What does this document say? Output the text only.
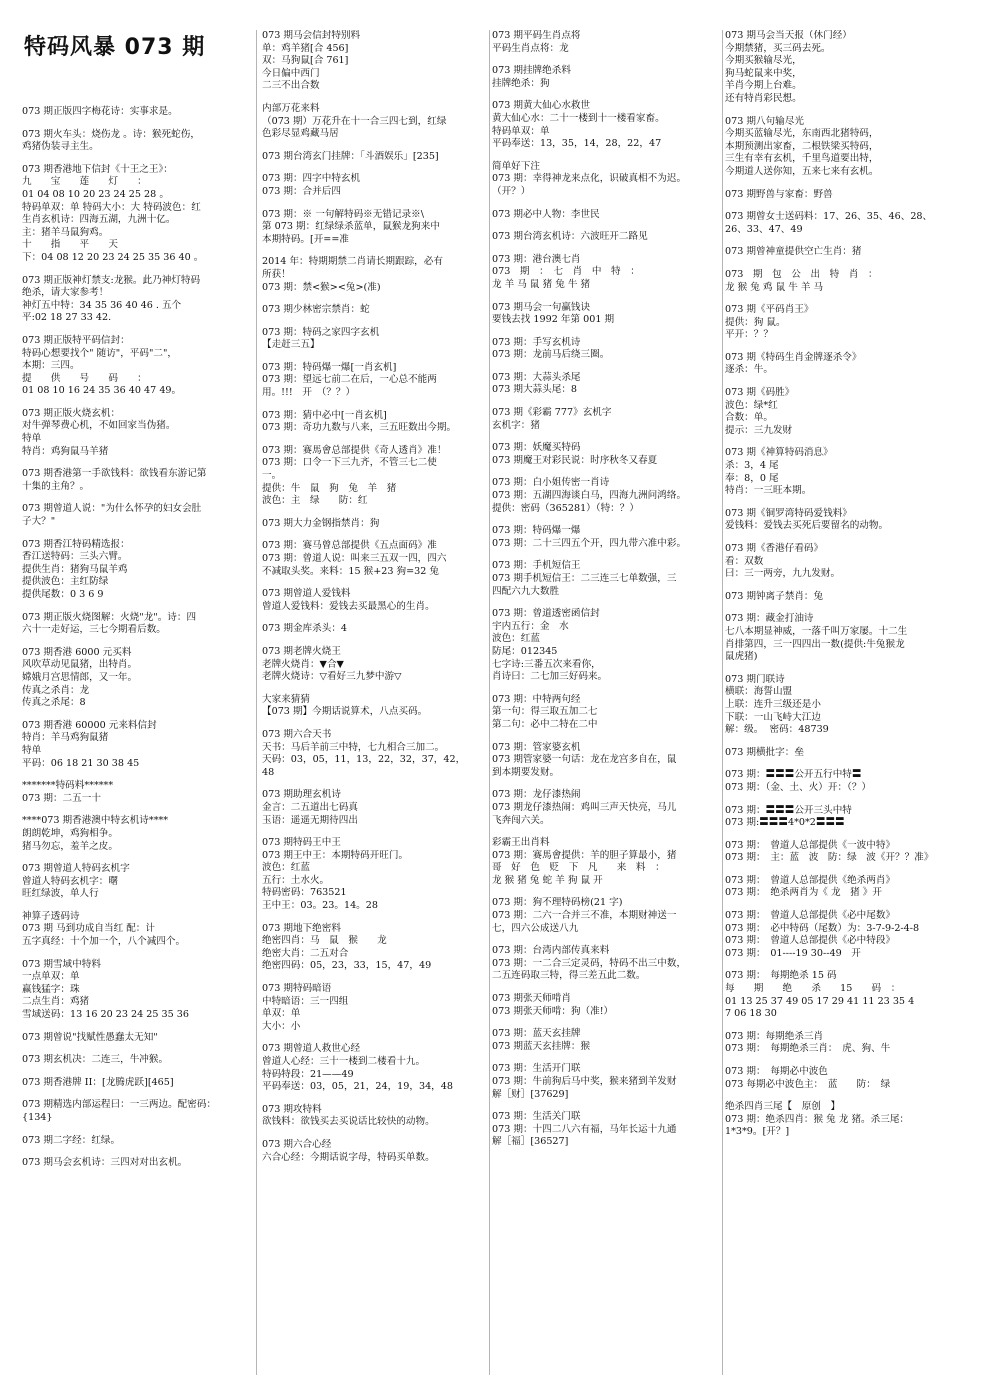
特码风暴 073 期
073 期正版四字梅花诗：实事求是。
073 期火车头：烧伤龙 。诗：猴死蛇伤，
鸡猪伪装寻主生。
073 期香港地下信封《十王之王》：
九　　宝　　莲　　灯　　：
01 04 08 10 20 23 24 25 28 。
特码单双：单 特码大小：大 特码波色：红
生肖玄机诗：四海五湖，九洲十亿。
主：猪羊马鼠狗鸡。
十　　指　　平　　天
下：04 08 12 20 23 24 25 35 36 40 。
073 期正版神灯禁支:龙猴。此乃神灯特码
绝杀，请大家参考！
神灯五中特：34 35 36 40 46 . 五个
平:02 18 27 33 42.
073 期正版特平码信封：
特码心想要找个" 随访"，平码"二"，
本期：三四。
提　　供　　号　　码　　：
01 08 10 16 24 35 36 40 47 49。
073 期正版火烧玄机：
对牛弹琴费心机，不如回家当伪猪。
特单
特肖：鸡狗鼠马羊猪
073 期香港第一手欲钱料：欲钱看东游记第
十集的主角？。
073 期曾道人说："为什么怀孕的妇女会肚
子大？"
073 期香江特码精选报：
香江送特码：三头六臂。
提供生肖：猪狗马鼠羊鸡
提供波色：主红防绿
提供尾数：0 3 6 9
073 期正版火烧图解：火烧"龙"。诗：四
六十一走好运，三七今期看后数。
073 期香港 6000 元买料
风吹草动见鼠猪，出特肖。
嫦娥月宫思情郎，又一年。
传真之杀肖：龙
传真之杀尾：8
073 期香港 60000 元来料信封
特肖：羊马鸡狗鼠猪
特单
平码：06 18 21 30 38 45
*******特码料******
073 期：二五一十
****073 期香港澳中特玄机诗****
朗朗乾坤，鸡狗相争。
猪马勿忘，羞羊之皮。
073 期曾道人特码玄机字
曾道人特码玄机字：曙
旺红绿波，单人行
神算子透码诗
073 期 马到功成自当红 配：计
五字真经：十个加一个，八个减四个。
073 期雪域中特料
一点单双：单
赢钱猛字：珠
二点生肖：鸡猪
雪域送码：13 16 20 23 24 25 35 36
073 期曾说"找赋性愚蠢太无知"
073 期玄机决：二连三，牛冲猴。
073 期香港牌 II：[龙腾虎跃][465]
073 期精选内部运程曰：一三两边。配密码：
{134}
073 期二字经：红绿。
073 期马会玄机诗：三四对对出玄机。
073 期马会信封特别料
单：鸡羊猪[合 456]
双：马狗鼠[合 761]
今日偏中西门
二三不出合数
内部万花来料
（073 期）万花升在十一合三四七到，红绿
色彩尽显鸡藏马居
073 期台湾玄门挂牌：「斗酒娱乐」[235]
073 期：四字中特玄机
073 期：合并后四
073 期：※ 一句解特码※无错记录※\
第 073 期：红绿绿杀蓝单，鼠猴龙狗来中
本期特码。[开==准
2014 年：特期期禁二肖请长期跟踪，必有
所获！
073 期：禁<猴><兔>(准)
073 期少林密宗禁肖：蛇
073 期：特码之家四字玄机
【走赶三五】
073 期：特码爆一爆[一肖玄机]
073 期：望远七前二在后，一心总不能两
用。!!!　开　（？？）
073 期：猜中必中[一肖玄机]
073 期：奇功九数与八来，三五旺数出今期。
073 期：赛馬會总部提供《奇人透肖》准！
073 期：口令一下三九齐，不管三七二使
一。
提供：牛　鼠　狗　兔　羊　猪
波色：主　绿　　防：红
073 期大力金钢指禁肖：狗
073 期：赛马曾总部提供《五点面码》准
073 期：曾道人说：叫来三五双一四，四六
不减取头奖。来料：15 猴+23 狗=32 兔
073 期曾道人爱钱料
曾道人爱钱料：爱钱去买最黑心的生肖。
073 期金库杀头：4
073 期老牌火烧王
老牌火烧肖：▼合▼
老牌火烧诗：▽看好三九梦中游▽
大家来猜猜
【073 期】今期话说算术，八点买码。
073 期六合天书
天书：马后羊前三中特，七九相合三加二。
天码：03，05，11，13，22，32，37，42，
48
073 期助理玄机诗
金言：二五道出七码真
玉语：遥遥无期待四出
073 期特码王中王
073 期王中王：本期特码开旺门。
波色：红蓝
五行：土水火。
特码密码：763521
王中王：03。23。14。28
073 期地下绝密料
绝密四肖：马　鼠　猴　　龙
绝密大肖：二五对合
绝密四码：05，23，33，15，47，49
073 期特码暗语
中特暗语：三一四组
单双：单
大小：小
073 期曾道人救世心经
曾道人心经：三十一楼到二楼看十九。
特码特段：21——49
平码奉送：03，05，21，24，19，34，48
073 期攻特料
欲钱料：欲钱买去买说话比较快的动物。
073 期六合心经
六合心经：今期话说字母，特码买单数。
073 期平码生肖点将
平码生肖点将：龙
073 期挂牌绝杀料
挂牌绝杀：狗
073 期黄大仙心水救世
黄大仙心水：二十一楼到十一楼看家畜。
特码单双：单
平码奉送：13，35，14，28，22，47
简单好下注
073 期：幸得神龙来点化，识破真相不为迟。
（开？）
073 期必中人物：李世民
073 期台湾玄机诗：六波旺开二路见
073 期：港台澳七肖
073　期　：　七　肖　中　特　：
龙 羊 马 鼠 猪 兔 牛 猪
073 期马会一句赢钱诀
要钱去找 1992 年第 001 期
073 期：手写玄机诗
073 期：龙前马后绕三圈。
073 期：大蒜头杀尾
073 期大蒜头尾：8
073 期《彩霸 777》玄机字
玄机字：猪
073 期：妖魔买特码
073 期魔王对彩民说：时序秋冬又春夏
073 期：白小姐传密一肖诗
073 期：五湖四海谈白马，四海九洲问鸿络。
提供：密码（365281）（特：？）
073 期：特码爆一爆
073 期：二十三四五个开，四九带六准中彩。
073 期：手机短信王
073 期手机短信王：二三连三七单数强，三
四配六九大数胜
073 期：曾道透密函信封
宇内五行：金　水
波色：红蓝
防尾：012345
七字诗:三番五次来看你，
肖诗曰：二七加三好码来。
073 期：中特两句经
第一句：得三取五加二七
第二句：必中二特在二中
073 期：管家婆玄机
073 期管家婆一句话：龙在龙宫多自在，鼠
到本期要发财。
073 期：龙仔漆热闹
073 期龙仔漆热闹：鸡叫三声天快亮，马儿
飞奔闯六关。
彩霸王出肖料
073 期：赛馬會提供：羊的胆子算最小，猪
哥　好　色　贬　下　凡　　来　料　：
龙 猴 猪 兔 蛇 羊 狗 鼠 开
073 期：狗不理特码榜(21 字)
073 期：二六一合并三不准，本期财神送一
七，四六公成送八九
073 期：台湾内部传真来料
073 期：一二合三定灵码，特码不出三中数，
二五连码取三特，得三差五此二数。
073 期张天师啃肖
073 期张天师啃：狗（准!）
073 期：蓝天玄挂牌
073 期蓝天玄挂牌：猴
073 期：生活开门联
073 期：牛前狗后马中奖，猴来猪到羊发财
解［财］[37629]
073 期：生活关门联
073 期：十四二八六有福，马年长运十九通
解［福］[36527]
073 期马会当天报（休门经）
今期禁猪，买三码去死。
今期买猴输尽光，
狗马蛇鼠来中奖，
羊肖今期上台难。
还有特肖彩民想。
073 期八句输尽光
今期买蓝输尽光，东南西北猪特码，
本期预测出家畜，二根铁梁买特码，
三生有幸有玄机，千里鸟道要出特，
今期道人送你知，五来七来有玄机。
073 期野兽与家畜：野兽
073 期曾女士送码料：17、26、35、46、28、
26、33、47、49
073 期曾神童提供空亡生肖：猪
073　期　包　公　出　特　肖　：
龙 猴 兔 鸡 鼠 牛 羊 马
073 期《平码肖王》
提供：狗 鼠。
平开：？？
073 期《特码生肖金牌逐杀令》
逐杀：牛。
073 期《码胜》
波色：绿*红
合数：单。
提示：三九发财
073 期《神算特码消息》
杀：3，4 尾
奉：8，0 尾
特肖：一三旺本期。
073 期《铜罗湾特码爱钱料》
爱钱料：爱钱去买死后要留名的动物。
073 期《香港仔看码》
看：双数
曰：三一两旁，九九发财。
073 期钟离子禁肖：兔
073 期：藏金打油诗
七八本期显神威，一落千叫万家屡。十二生
肖排第四，三一四四出一数(提供:牛兔猴龙
鼠虎猪)
073 期门联诗
横联：海誓山盟
上联：连升三级还是小
下联：一山飞峙大江边
解：级。  密码：48739
073 期横批字：垒
073 期：〓〓〓公开五行中特〓
073 期：（金、土、火）开：（？）
073 期：〓〓〓公开三头中特
073 期:〓〓〓4*0*2〓〓〓
073 期：　曾道人总部提供《一波中特》
073 期：　主：蓝　波　防：绿　波《开？？准》
073 期：　曾道人总部提供《绝杀两肖》
073 期：　绝杀两肖为《 龙　猪 》开
073 期：　曾道人总部提供《必中尾数》
073 期：　必中特码（尾数）为：3-7-9-2-4-8
073 期：　曾道人总部提供《必中特段》
073 期：　01----19 30--49　开
073 期：　每期绝杀 15 码
每　　期　　绝　　杀　　15　　码　：
01 13 25 37 49 05 17 29 41 11 23 35 4
7 06 18 30
073 期：每期绝杀三肖
073 期：　每期绝杀三肖：　虎、狗、牛
073 期：　每期必中波色
073 每期必中波色主：　蓝　　防：　绿
绝杀四肖三尾【　原创　】
073 期：绝杀四肖：猴 兔 龙 猪。杀三尾：
1*3*9。[开？]
